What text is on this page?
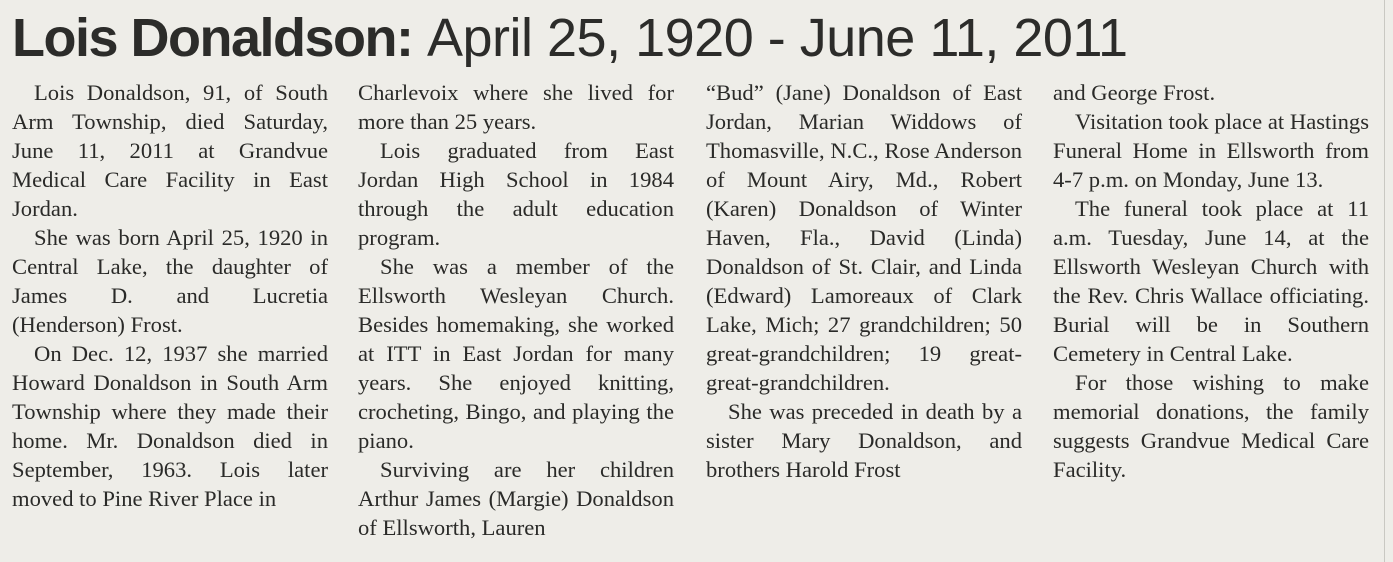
Lois Donaldson: April 25, 1920 - June 11, 2011

Lois Donaldson, 91, of South Arm Township, died Saturday, June 11, 2011 at Grandvue Medical Care Facility in East Jordan.

She was born April 25, 1920 in Central Lake, the daughter of James D. and Lucretia (Henderson) Frost.

On Dec. 12, 1937 she married Howard Donaldson in South Arm Township where they made their home. Mr. Donaldson died in September, 1963. Lois later moved to Pine River Place in

Charlevoix where she lived for more than 25 years.

Lois graduated from East Jordan High School in 1984 through the adult education program.

She was a member of the Ellsworth Wesleyan Church. Besides homemaking, she worked at ITT in East Jordan for many years. She enjoyed knitting, crocheting, Bingo, and playing the piano.

Surviving are her children Arthur James (Margie) Donaldson of Ellsworth, Lauren

“Bud” (Jane) Donaldson of East Jordan, Marian Widdows of Thomasville, N.C., Rose Anderson of Mount Airy, Md., Robert (Karen) Donaldson of Winter Haven, Fla., David (Linda) Donaldson of St. Clair, and Linda (Edward) Lamoreaux of Clark Lake, Mich; 27 grandchildren; 50 great-grandchildren; 19 great-great-grandchildren.

She was preceded in death by a sister Mary Donaldson, and brothers Harold Frost

and George Frost.

Visitation took place at Hastings Funeral Home in Ellsworth from 4-7 p.m. on Monday, June 13.

The funeral took place at 11 a.m. Tuesday, June 14, at the Ellsworth Wesleyan Church with the Rev. Chris Wallace officiating. Burial will be in Southern Cemetery in Central Lake.

For those wishing to make memorial donations, the family suggests Grandvue Medical Care Facility.
